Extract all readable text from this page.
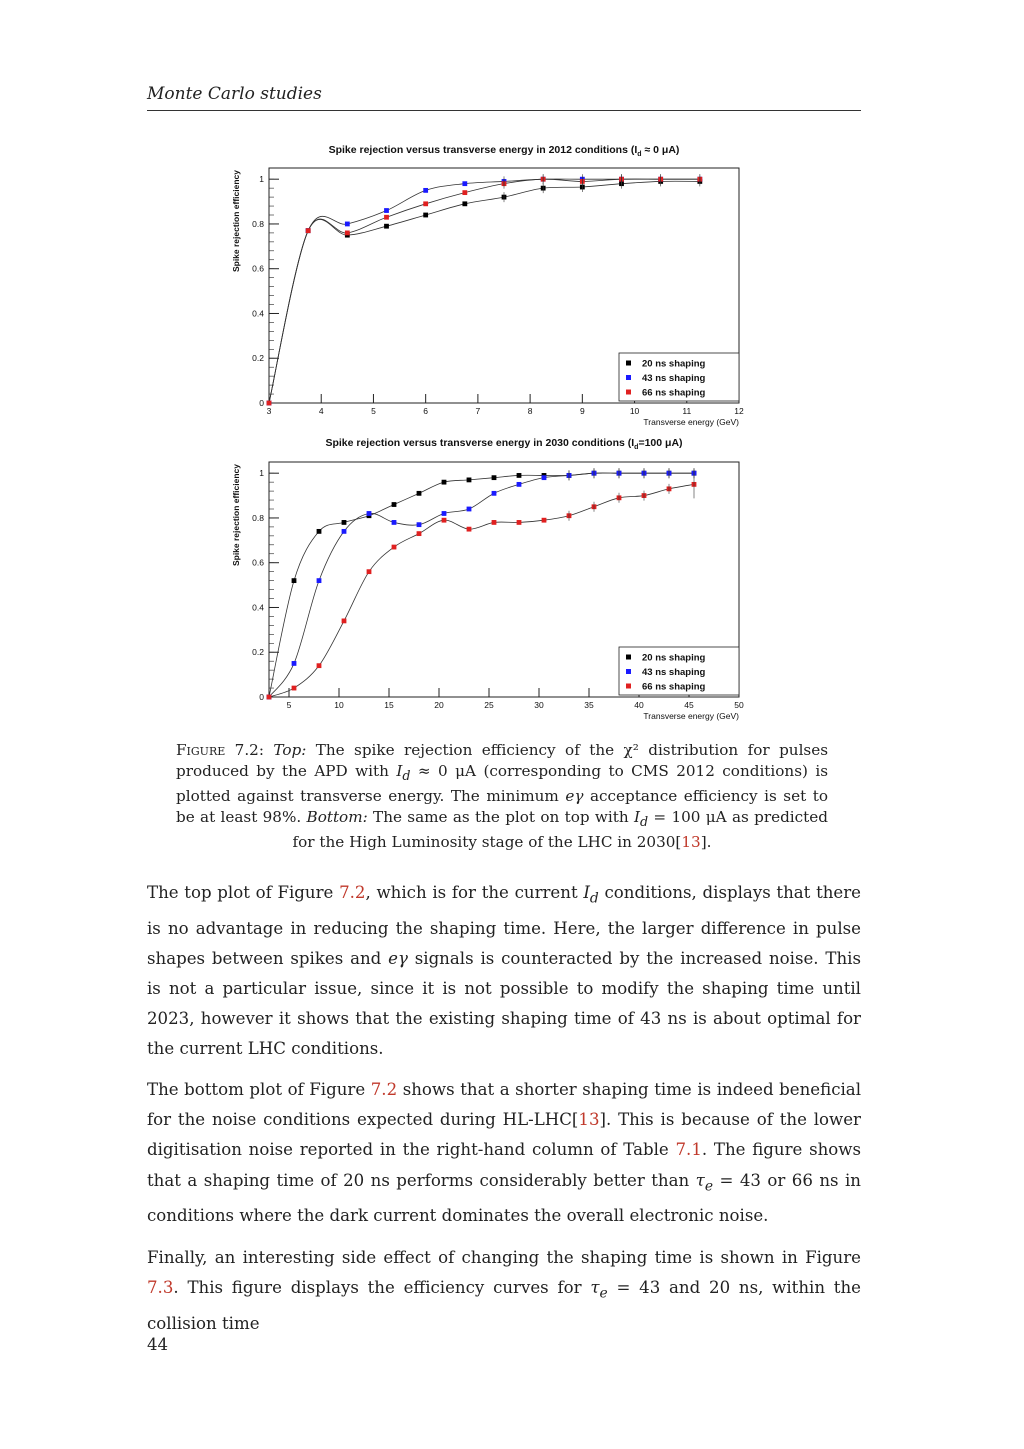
Monte Carlo studies
Spike rejection versus transverse energy in 2012 conditions ($I_d \approx 0$ μA)
0
0.2
0.4
0.6
0.8
1
3	4	5	6	7	8	9	10	11	12
Transverse energy (GeV)
Spike rejection efficiency
20 ns shaping
43 ns shaping
66 ns shaping
Spike rejection versus transverse energy in 2030 conditions ($I_d=100$ μA)
0
0.2
0.4
0.6
0.8
1
5	10	15	20	25	30	35	40	45	50
Transverse energy (GeV)
Spike rejection efficiency
20 ns shaping
43 ns shaping
66 ns shaping
Figure 7.2: Top: The spike rejection efficiency of the χ² distribution for pulses produced by the APD with $I_d \approx 0$ μA (corresponding to CMS 2012 conditions) is plotted against transverse energy. The minimum eγ acceptance efficiency is set to be at least 98%. Bottom: The same as the plot on top with $I_d = 100$ μA as predicted for the High Luminosity stage of the LHC in 2030[13].
The top plot of Figure 7.2, which is for the current $I_d$ conditions, displays that there is no advantage in reducing the shaping time. Here, the larger difference in pulse shapes between spikes and eγ signals is counteracted by the increased noise. This is not a particular issue, since it is not possible to modify the shaping time until 2023, however it shows that the existing shaping time of 43 ns is about optimal for the current LHC conditions.
The bottom plot of Figure 7.2 shows that a shorter shaping time is indeed beneficial for the noise conditions expected during HL-LHC[13]. This is because of the lower digitisation noise reported in the right-hand column of Table 7.1. The figure shows that a shaping time of 20 ns performs considerably better than $\tau_e = 43$ or 66 ns in conditions where the dark current dominates the overall electronic noise.
Finally, an interesting side effect of changing the shaping time is shown in Figure 7.3. This figure displays the efficiency curves for $\tau_e = 43$ and 20 ns, within the collision time
44
